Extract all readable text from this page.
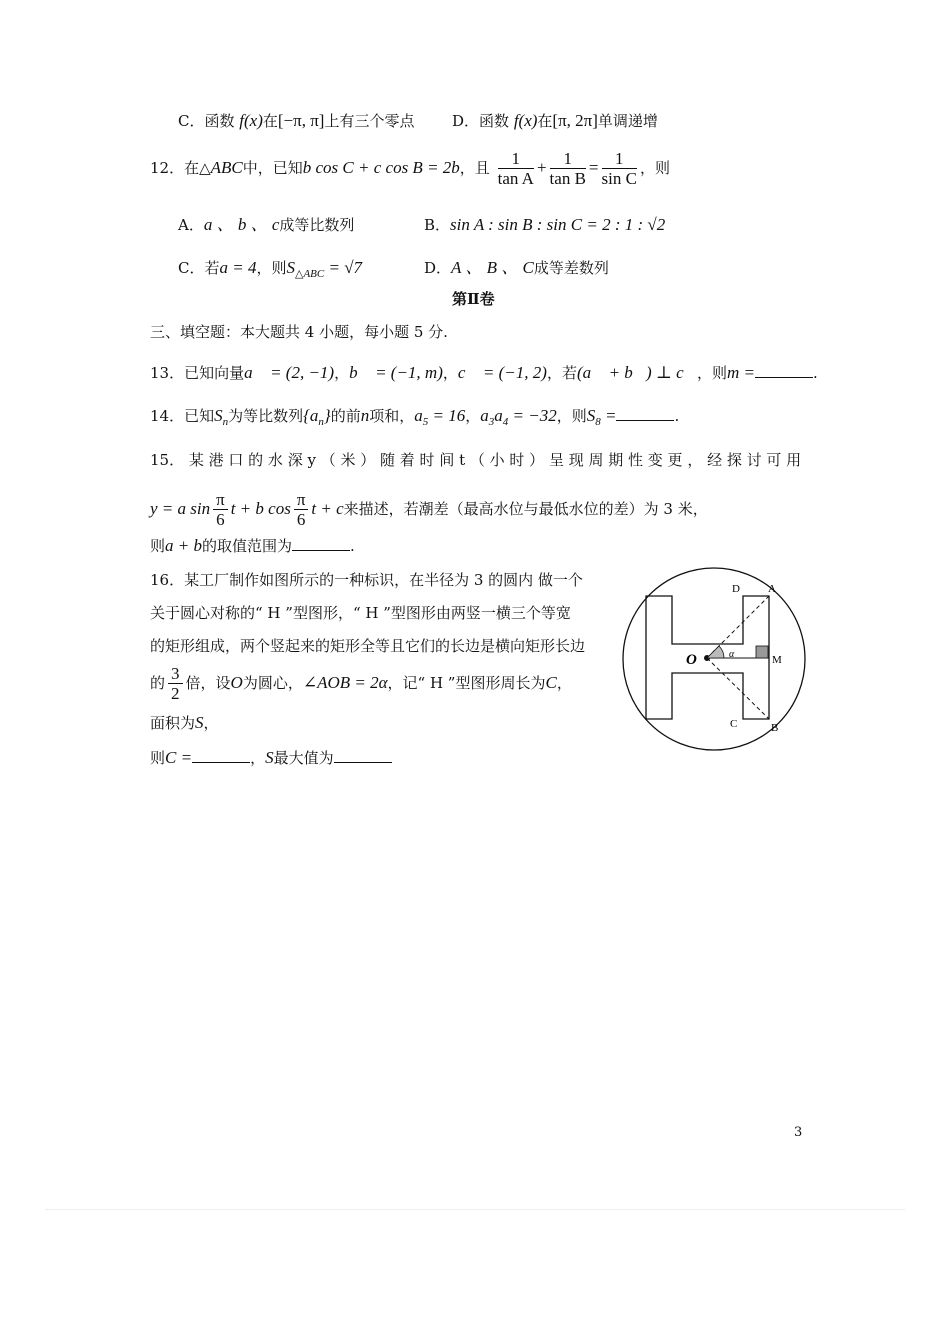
C．函数 f(x)在[−π, π]上有三个零点	D．函数 f(x)在[π, 2π]单调递增
12．在△ABC中，已知b cos C + c cos B = 2b，且 $\frac{1}{\text{tan A}} + \frac{1}{\text{tan B}} = \frac{1}{\text{sin C}}$ ，则
A．a 、 b 、 c成等比数列	B．sin A : sin B : sin C = 2 : 1 : √2
C．若a = 4，则$S_{\triangle ABC} = √7$	D．A 、 B 、 C成等差数列
第Ⅱ卷
三、填空题：本大题共 4 小题，每小题 5 分.
13．已知向量a⃗ = (2, −1)，b⃗ = (−1, m)，c⃗ = (−1, 2)，若(a⃗ + b⃗) ⊥ c⃗，则m =	.
14．已知$S_n$为等比数列$\{a_n\}$的前n项和，$a_5 = 16$，$a_3a_4 = -32$，则$S_8$ =	.
15． 某 港 口 的 水 深 y （ 米 ） 随 着 时 间 t （ 小 时 ） 呈 现 周 期 性 变 更 ， 经 探 讨 可 用
y = a $\sin \frac{\pi}{6}$ t + b $\cos \frac{\pi}{6}$ t + c来描述，若潮差（最高水位与最低水位的差）为 3 米，
则a + b的取值范围为	.
16．某工厂制作如图所示的一种标识，在半径为 3 的圆内 做一个
关于圆心对称的“ H ”型图形，“ H ”型图形由两竖一横三个等宽
的矩形组成，两个竖起来的矩形全等且它们的长边是横向矩形长边
的 $\frac{3}{2}$ 倍，设O为圆心，∠AOB = 2α，记“ H ”型图形周长为C，
面积为S，
则C =	，S最大值为
D	A
O	α	M
C	B
3
